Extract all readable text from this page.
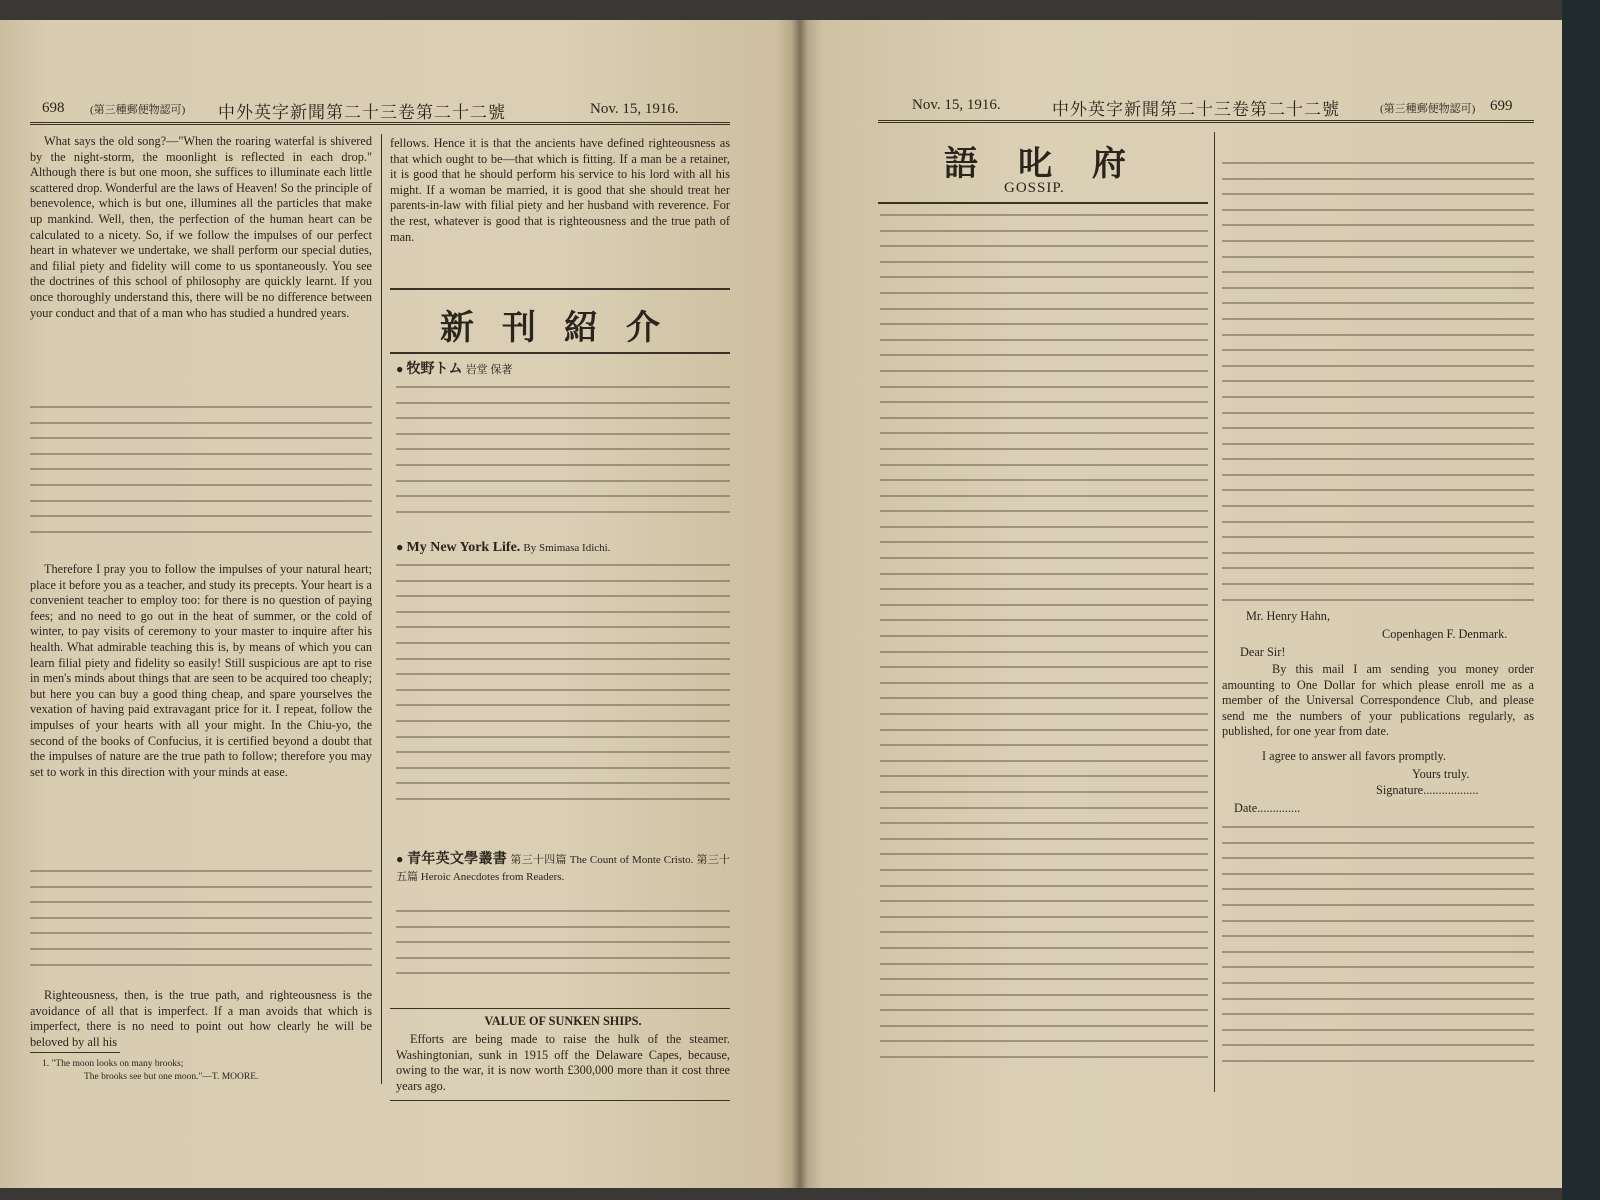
698 (第三種郵便物認可) 中外英字新聞第二十三卷第二十二號	Nov. 15, 1916.

What says the old song?—"When the roaring waterfal is shivered by the night-storm, the moonlight is reflected in each drop." Although there is but one moon, she suffices to illuminate each little scattered drop. Wonderful are the laws of Heaven! So the principle of benevolence, which is but one, illumines all the particles that make up mankind. Well, then, the perfection of the human heart can be calculated to a nicety. So, if we follow the impulses of our perfect heart in whatever we undertake, we shall perform our special duties, and filial piety and fidelity will come to us spontaneously. You see the doctrines of this school of philosophy are quickly learnt. If you once thoroughly understand this, there will be no difference between your conduct and that of a man who has studied a hundred years.

Therefore I pray you to follow the impulses of your natural heart; place it before you as a teacher, and study its precepts. Your heart is a convenient teacher to employ too: for there is no question of paying fees; and no need to go out in the heat of summer, or the cold of winter, to pay visits of ceremony to your master to inquire after his health. What admirable teaching this is, by means of which you can learn filial piety and fidelity so easily! Still suspicious are apt to rise in men's minds about things that are seen to be acquired too cheaply; but here you can buy a good thing cheap, and spare yourselves the vexation of having paid extravagant price for it. I repeat, follow the impulses of your hearts with all your might. In the Chiu-yo, the second of the books of Confucius, it is certified beyond a doubt that the impulses of nature are the true path to follow; therefore you may set to work in this direction with your minds at ease.

Righteousness, then, is the true path, and righteousness is the avoidance of all that is imperfect. If a man avoids that which is imperfect, there is no need to point out how clearly he will be beloved by all his

1. "The moon looks on many brooks;
The brooks see but one moon."—T. MOORE.

fellows. Hence it is that the ancients have defined righteousness as that which ought to be—that which is fitting. If a man be a retainer, it is good that he should perform his service to his lord with all his might. If a woman be married, it is good that she should treat her parents-in-law with filial piety and her husband with reverence. For the rest, whatever is good that is righteousness and the true path of man.

新刊紹介
● 牧野トム 岩堂 保著
● My New York Life. By Smimasa Idichi.
● 青年英文學叢書 第三十四篇 The Count of Monte Cristo. 第三十五篇 Heroic Anecdotes from Readers.
VALUE OF SUNKEN SHIPS.

Efforts are being made to raise the hulk of the steamer. Washingtonian, sunk in 1915 off the Delaware Capes, because, owing to the war, it is now worth £300,000 more than it cost three years ago.

Nov. 15, 1916.	中外英字新聞第二十三卷第二十二號	(第三種郵便物認可) 699
語叱府
GOSSIP.
Mr. Henry Hahn,
Copenhagen F. Denmark.
Dear Sir!

By this mail I am sending you money order amounting to One Dollar for which please enroll me as a member of the Universal Correspondence Club, and please send me the numbers of your publications regularly, as published, for one year from date.

I agree to answer all favors promptly.
Yours truly.
Signature..................
Date..............
